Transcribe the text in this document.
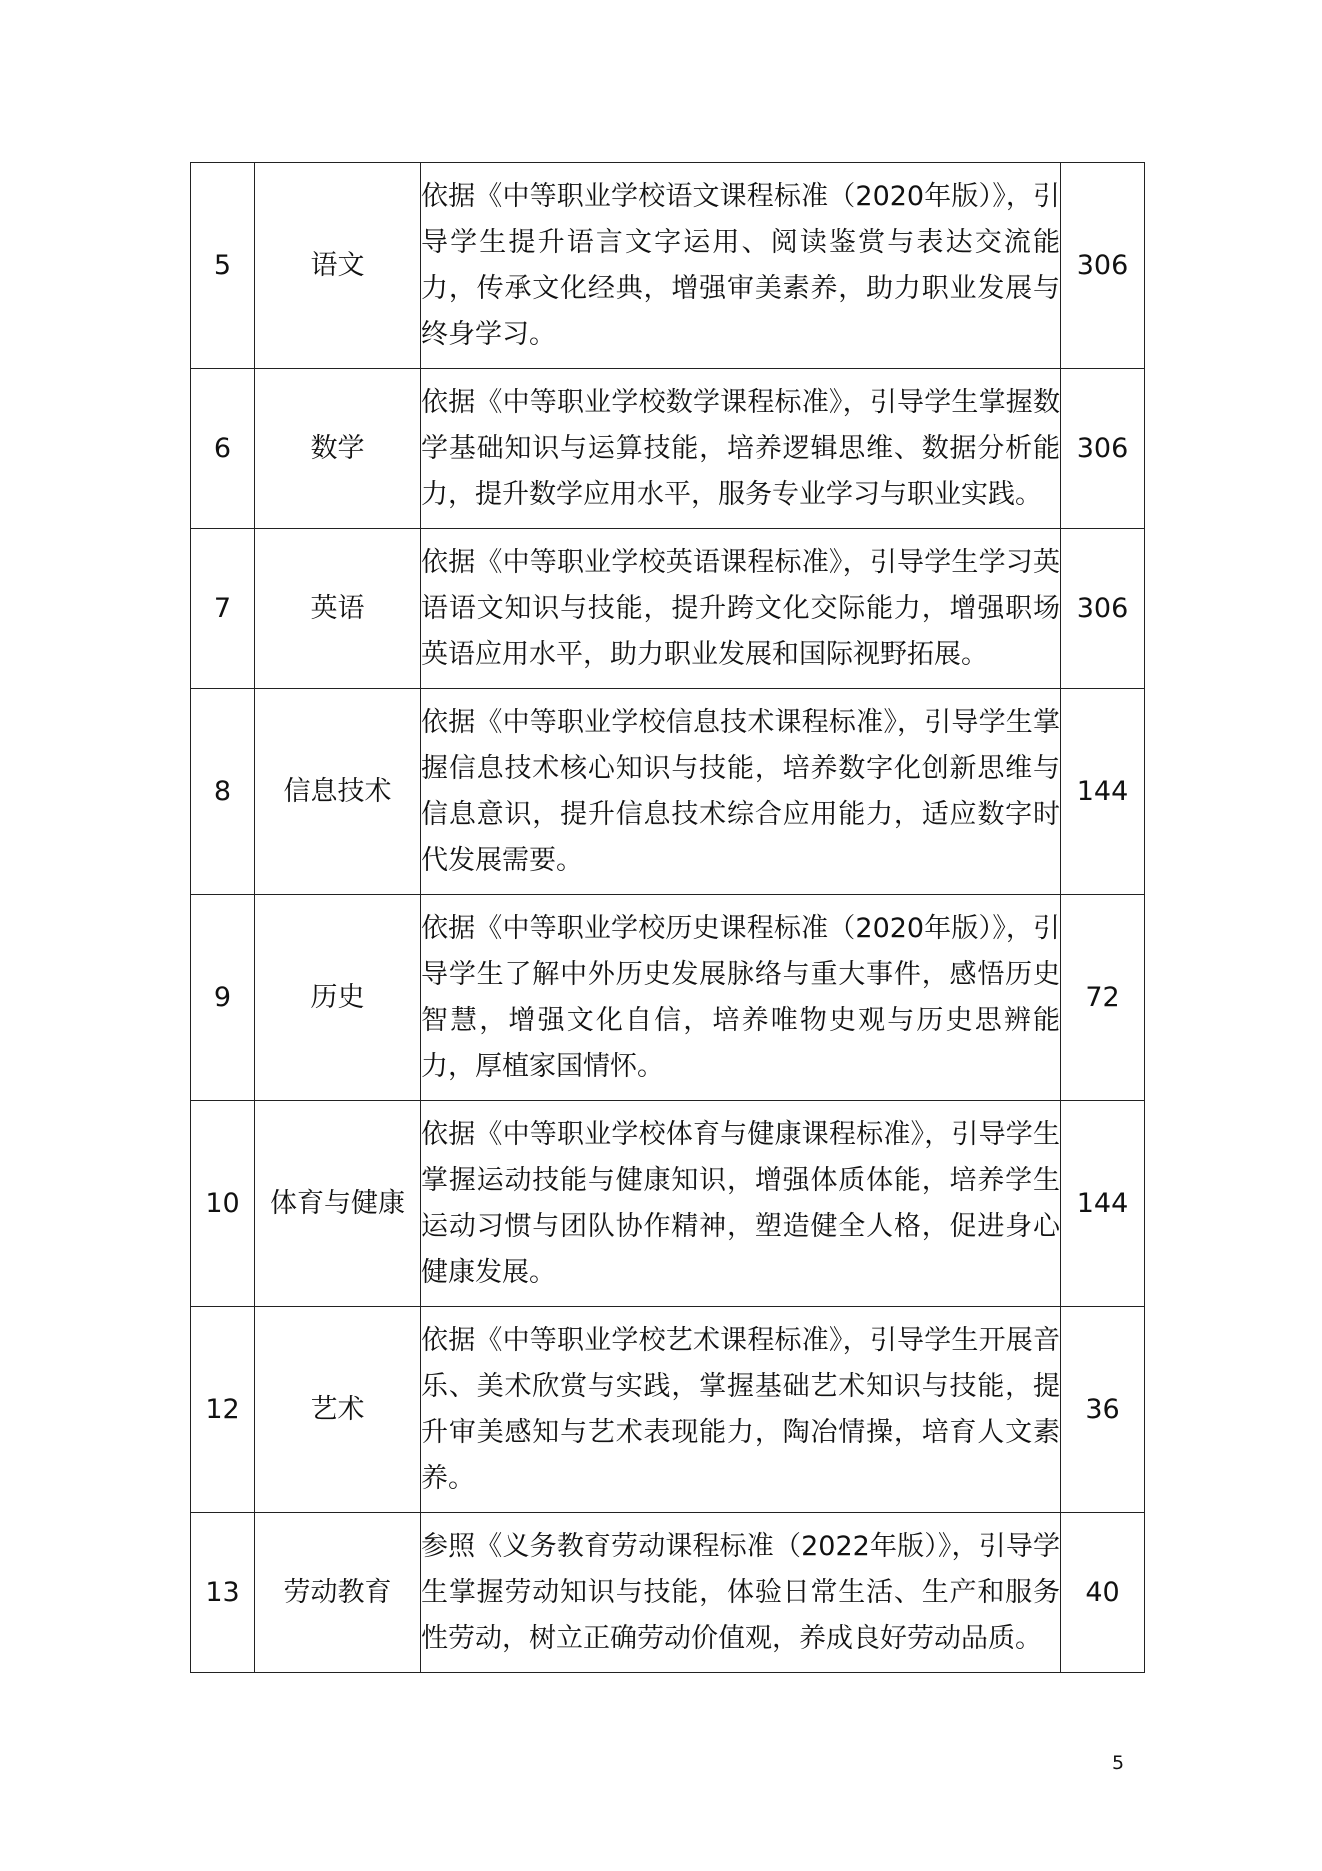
5	语文	依据《中等职业学校语文课程标准（2020年版）》，引导学生提升语言文字运用、阅读鉴赏与表达交流能力，传承文化经典，增强审美素养，助力职业发展与终身学习。	306
6	数学	依据《中等职业学校数学课程标准》，引导学生掌握数学基础知识与运算技能，培养逻辑思维、数据分析能力，提升数学应用水平，服务专业学习与职业实践。	306
7	英语	依据《中等职业学校英语课程标准》，引导学生学习英语语文知识与技能，提升跨文化交际能力，增强职场英语应用水平，助力职业发展和国际视野拓展。	306
8	信息技术	依据《中等职业学校信息技术课程标准》，引导学生掌握信息技术核心知识与技能，培养数字化创新思维与信息意识，提升信息技术综合应用能力，适应数字时代发展需要。	144
9	历史	依据《中等职业学校历史课程标准（2020年版）》，引导学生了解中外历史发展脉络与重大事件，感悟历史智慧，增强文化自信，培养唯物史观与历史思辨能力，厚植家国情怀。	72
10	体育与健康	依据《中等职业学校体育与健康课程标准》，引导学生掌握运动技能与健康知识，增强体质体能，培养学生运动习惯与团队协作精神，塑造健全人格，促进身心健康发展。	144
12	艺术	依据《中等职业学校艺术课程标准》，引导学生开展音乐、美术欣赏与实践，掌握基础艺术知识与技能，提升审美感知与艺术表现能力，陶冶情操，培育人文素养。	36
13	劳动教育	参照《义务教育劳动课程标准（2022年版）》，引导学生掌握劳动知识与技能，体验日常生活、生产和服务性劳动，树立正确劳动价值观，养成良好劳动品质。	40
5
